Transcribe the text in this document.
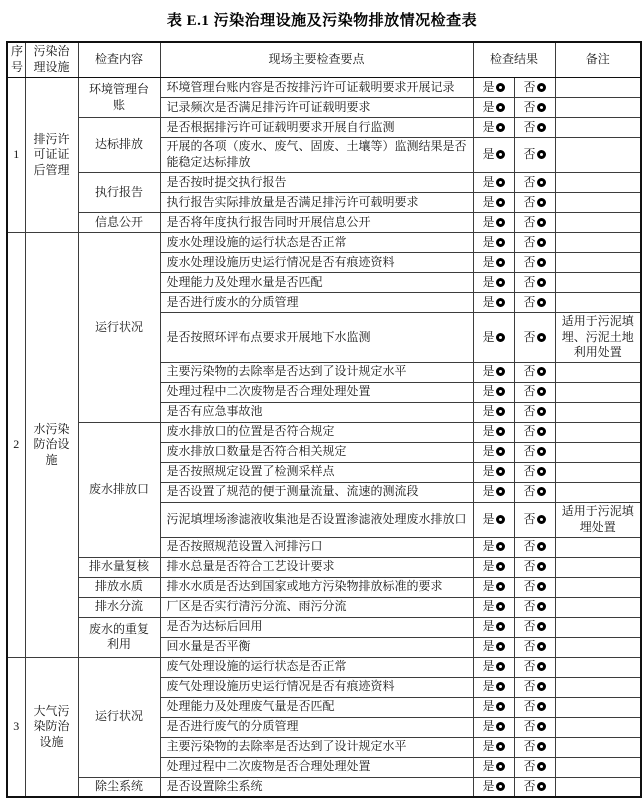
表 E.1 污染治理设施及污染物排放情况检查表
序号	污染治理设施	检查内容	现场主要检查要点	检查结果		备注
1	排污许可证证后管理	环境管理台账	环境管理台账内容是否按排污许可证载明要求开展记录	是	否	
			记录频次是否满足排污许可证载明要求	是	否	
		达标排放	是否根据排污许可证载明要求开展自行监测	是	否	
			开展的各项（废水、废气、固废、土壤等）监测结果是否能稳定达标排放	是	否	
		执行报告	是否按时提交执行报告	是	否	
			执行报告实际排放量是否满足排污许可载明要求	是	否	
		信息公开	是否将年度执行报告同时开展信息公开	是	否	
2	水污染防治设施	运行状况	废水处理设施的运行状态是否正常	是	否	
			废水处理设施历史运行情况是否有痕迹资料	是	否	
			处理能力及处理水量是否匹配	是	否	
			是否进行废水的分质管理	是	否	
			是否按照环评布点要求开展地下水监测	是	否	适用于污泥填埋、污泥土地利用处置
			主要污染物的去除率是否达到了设计规定水平	是	否	
			处理过程中二次废物是否合理处理处置	是	否	
			是否有应急事故池	是	否	
		废水排放口	废水排放口的位置是否符合规定	是	否	
			废水排放口数量是否符合相关规定	是	否	
			是否按照规定设置了检测采样点	是	否	
			是否设置了规范的便于测量流量、流速的测流段	是	否	
			污泥填埋场渗滤液收集池是否设置渗滤液处理废水排放口	是	否	适用于污泥填埋处置
			是否按照规范设置入河排污口	是	否	
		排水量复核	排水总量是否符合工艺设计要求	是	否	
		排放水质	排水水质是否达到国家或地方污染物排放标准的要求	是	否	
		排水分流	厂区是否实行清污分流、雨污分流	是	否	
		废水的重复利用	是否为达标后回用	是	否	
			回水量是否平衡	是	否	
3	大气污染防治设施	运行状况	废气处理设施的运行状态是否正常	是	否	
			废气处理设施历史运行情况是否有痕迹资料	是	否	
			处理能力及处理废气量是否匹配	是	否	
			是否进行废气的分质管理	是	否	
			主要污染物的去除率是否达到了设计规定水平	是	否	
			处理过程中二次废物是否合理处理处置	是	否	
		除尘系统	是否设置除尘系统	是	否	
